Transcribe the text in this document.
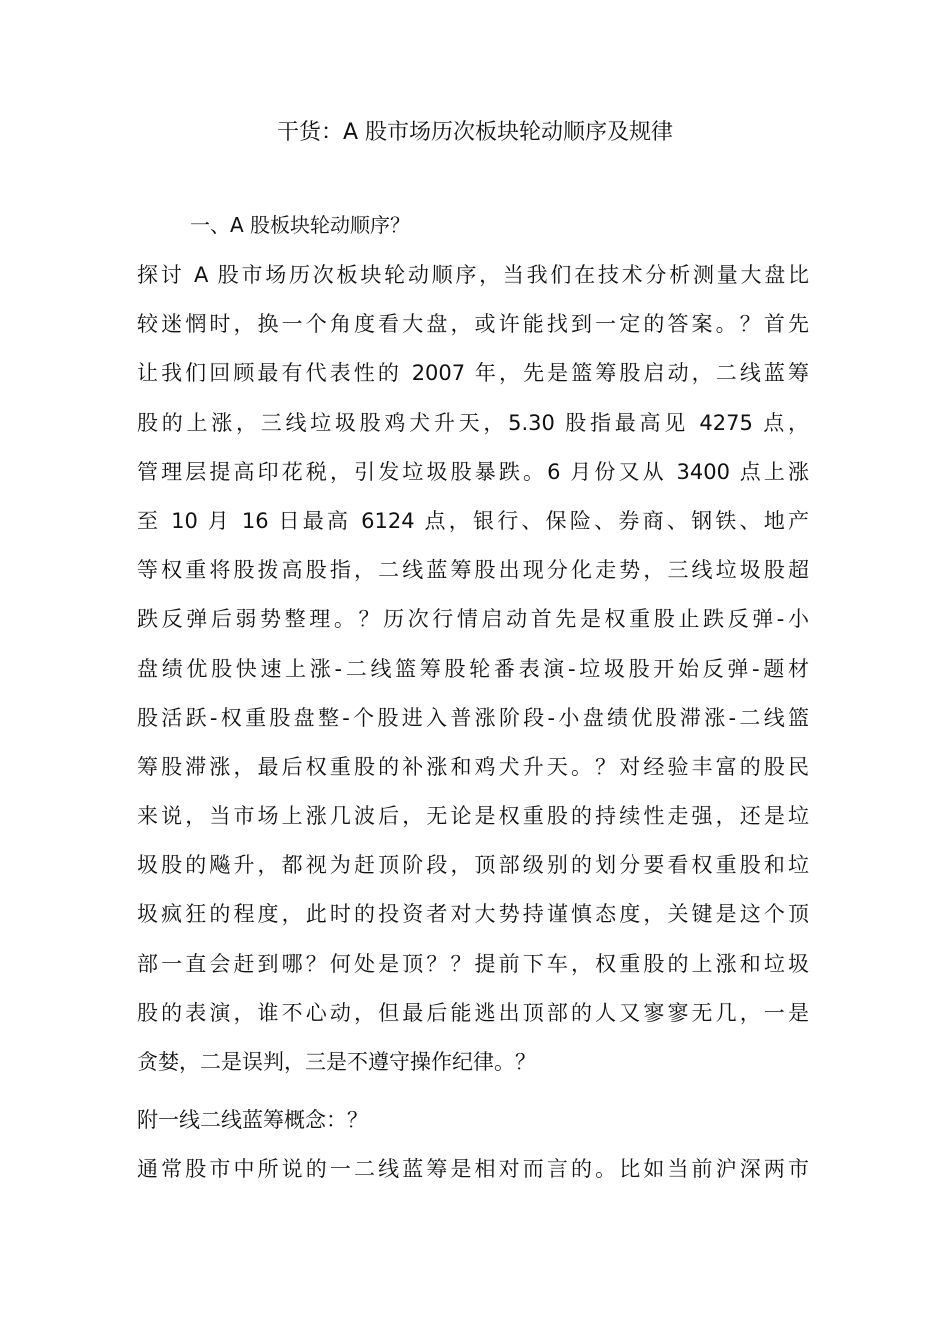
干货：A 股市场历次板块轮动顺序及规律
一、A 股板块轮动顺序？
探讨 A 股市场历次板块轮动顺序，当我们在技术分析测量大盘比
较迷惘时，换一个角度看大盘，或许能找到一定的答案。？首先
让我们回顾最有代表性的 2007 年，先是篮筹股启动，二线蓝筹
股的上涨，三线垃圾股鸡犬升天，5.30 股指最高见 4275 点，
管理层提高印花税，引发垃圾股暴跌。6 月份又从 3400 点上涨
至 10 月 16 日最高 6124 点，银行、保险、券商、钢铁、地产
等权重将股拨高股指，二线蓝筹股出现分化走势，三线垃圾股超
跌反弹后弱势整理。？历次行情启动首先是权重股止跌反弹-小
盘绩优股快速上涨-二线篮筹股轮番表演-垃圾股开始反弹-题材
股活跃-权重股盘整-个股进入普涨阶段-小盘绩优股滞涨-二线篮
筹股滞涨，最后权重股的补涨和鸡犬升天。？对经验丰富的股民
来说，当市场上涨几波后，无论是权重股的持续性走强，还是垃
圾股的飚升，都视为赶顶阶段，顶部级别的划分要看权重股和垃
圾疯狂的程度，此时的投资者对大势持谨慎态度，关键是这个顶
部一直会赶到哪？何处是顶？？提前下车，权重股的上涨和垃圾
股的表演，谁不心动，但最后能逃出顶部的人又寥寥无几，一是
贪婪，二是误判，三是不遵守操作纪律。？
附一线二线蓝筹概念：？
通常股市中所说的一二线蓝筹是相对而言的。比如当前沪深两市
